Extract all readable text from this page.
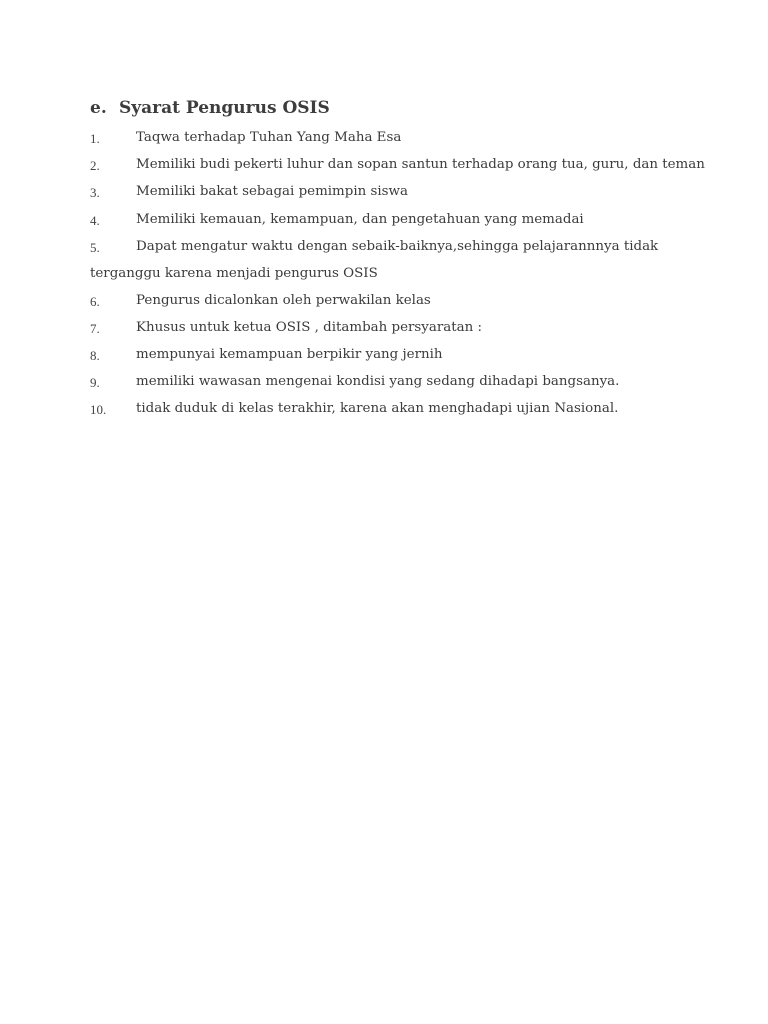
e. Syarat Pengurus OSIS
1.	Taqwa terhadap Tuhan Yang Maha Esa
2.	Memiliki budi pekerti luhur dan sopan santun terhadap orang tua, guru, dan teman
3.	Memiliki bakat sebagai pemimpin siswa
4.	Memiliki kemauan, kemampuan, dan pengetahuan yang memadai
5.	Dapat mengatur waktu dengan sebaik-baiknya,sehingga pelajarannnya tidak
terganggu karena menjadi pengurus OSIS
6.	Pengurus dicalonkan oleh perwakilan kelas
7.	Khusus untuk ketua OSIS , ditambah persyaratan :
8.	mempunyai kemampuan berpikir yang jernih
9.	memiliki wawasan mengenai kondisi yang sedang dihadapi bangsanya.
10. tidak duduk di kelas terakhir, karena akan menghadapi ujian Nasional.
